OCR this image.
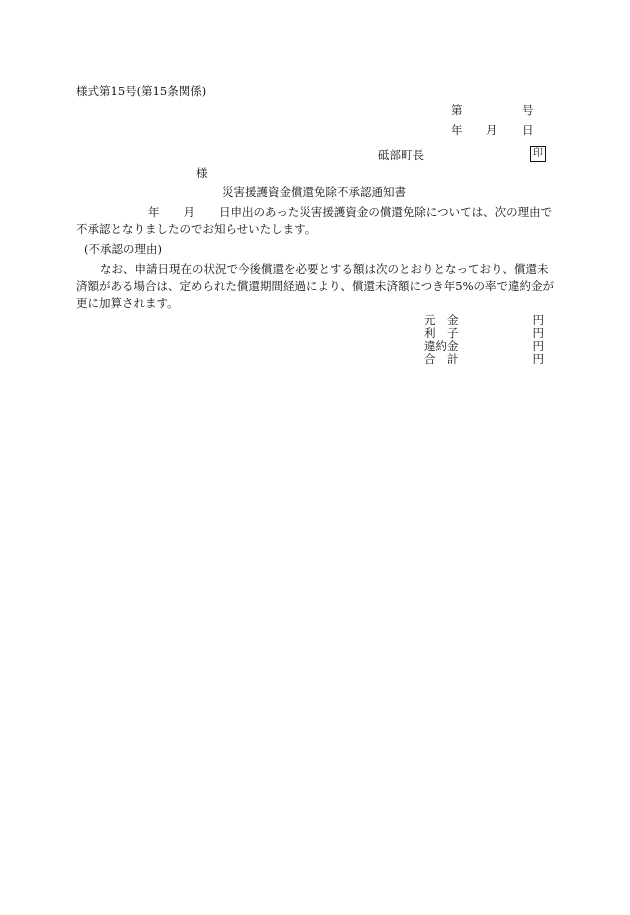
様式第15号(第15条関係)
第	号
年 月 日
砥部町長	印
様
災害援護資金償還免除不承認通知書
年 月 日申出のあった災害援護資金の償還免除については、次の理由で不承認となりましたのでお知らせいたします。
(不承認の理由)
なお、申請日現在の状況で今後償還を必要とする額は次のとおりとなっており、償還未済額がある場合は、定められた償還期間経過により、償還未済額につき年5%の率で違約金が更に加算されます。
元　金	円
利　子	円
違約金	円
合　計	円
